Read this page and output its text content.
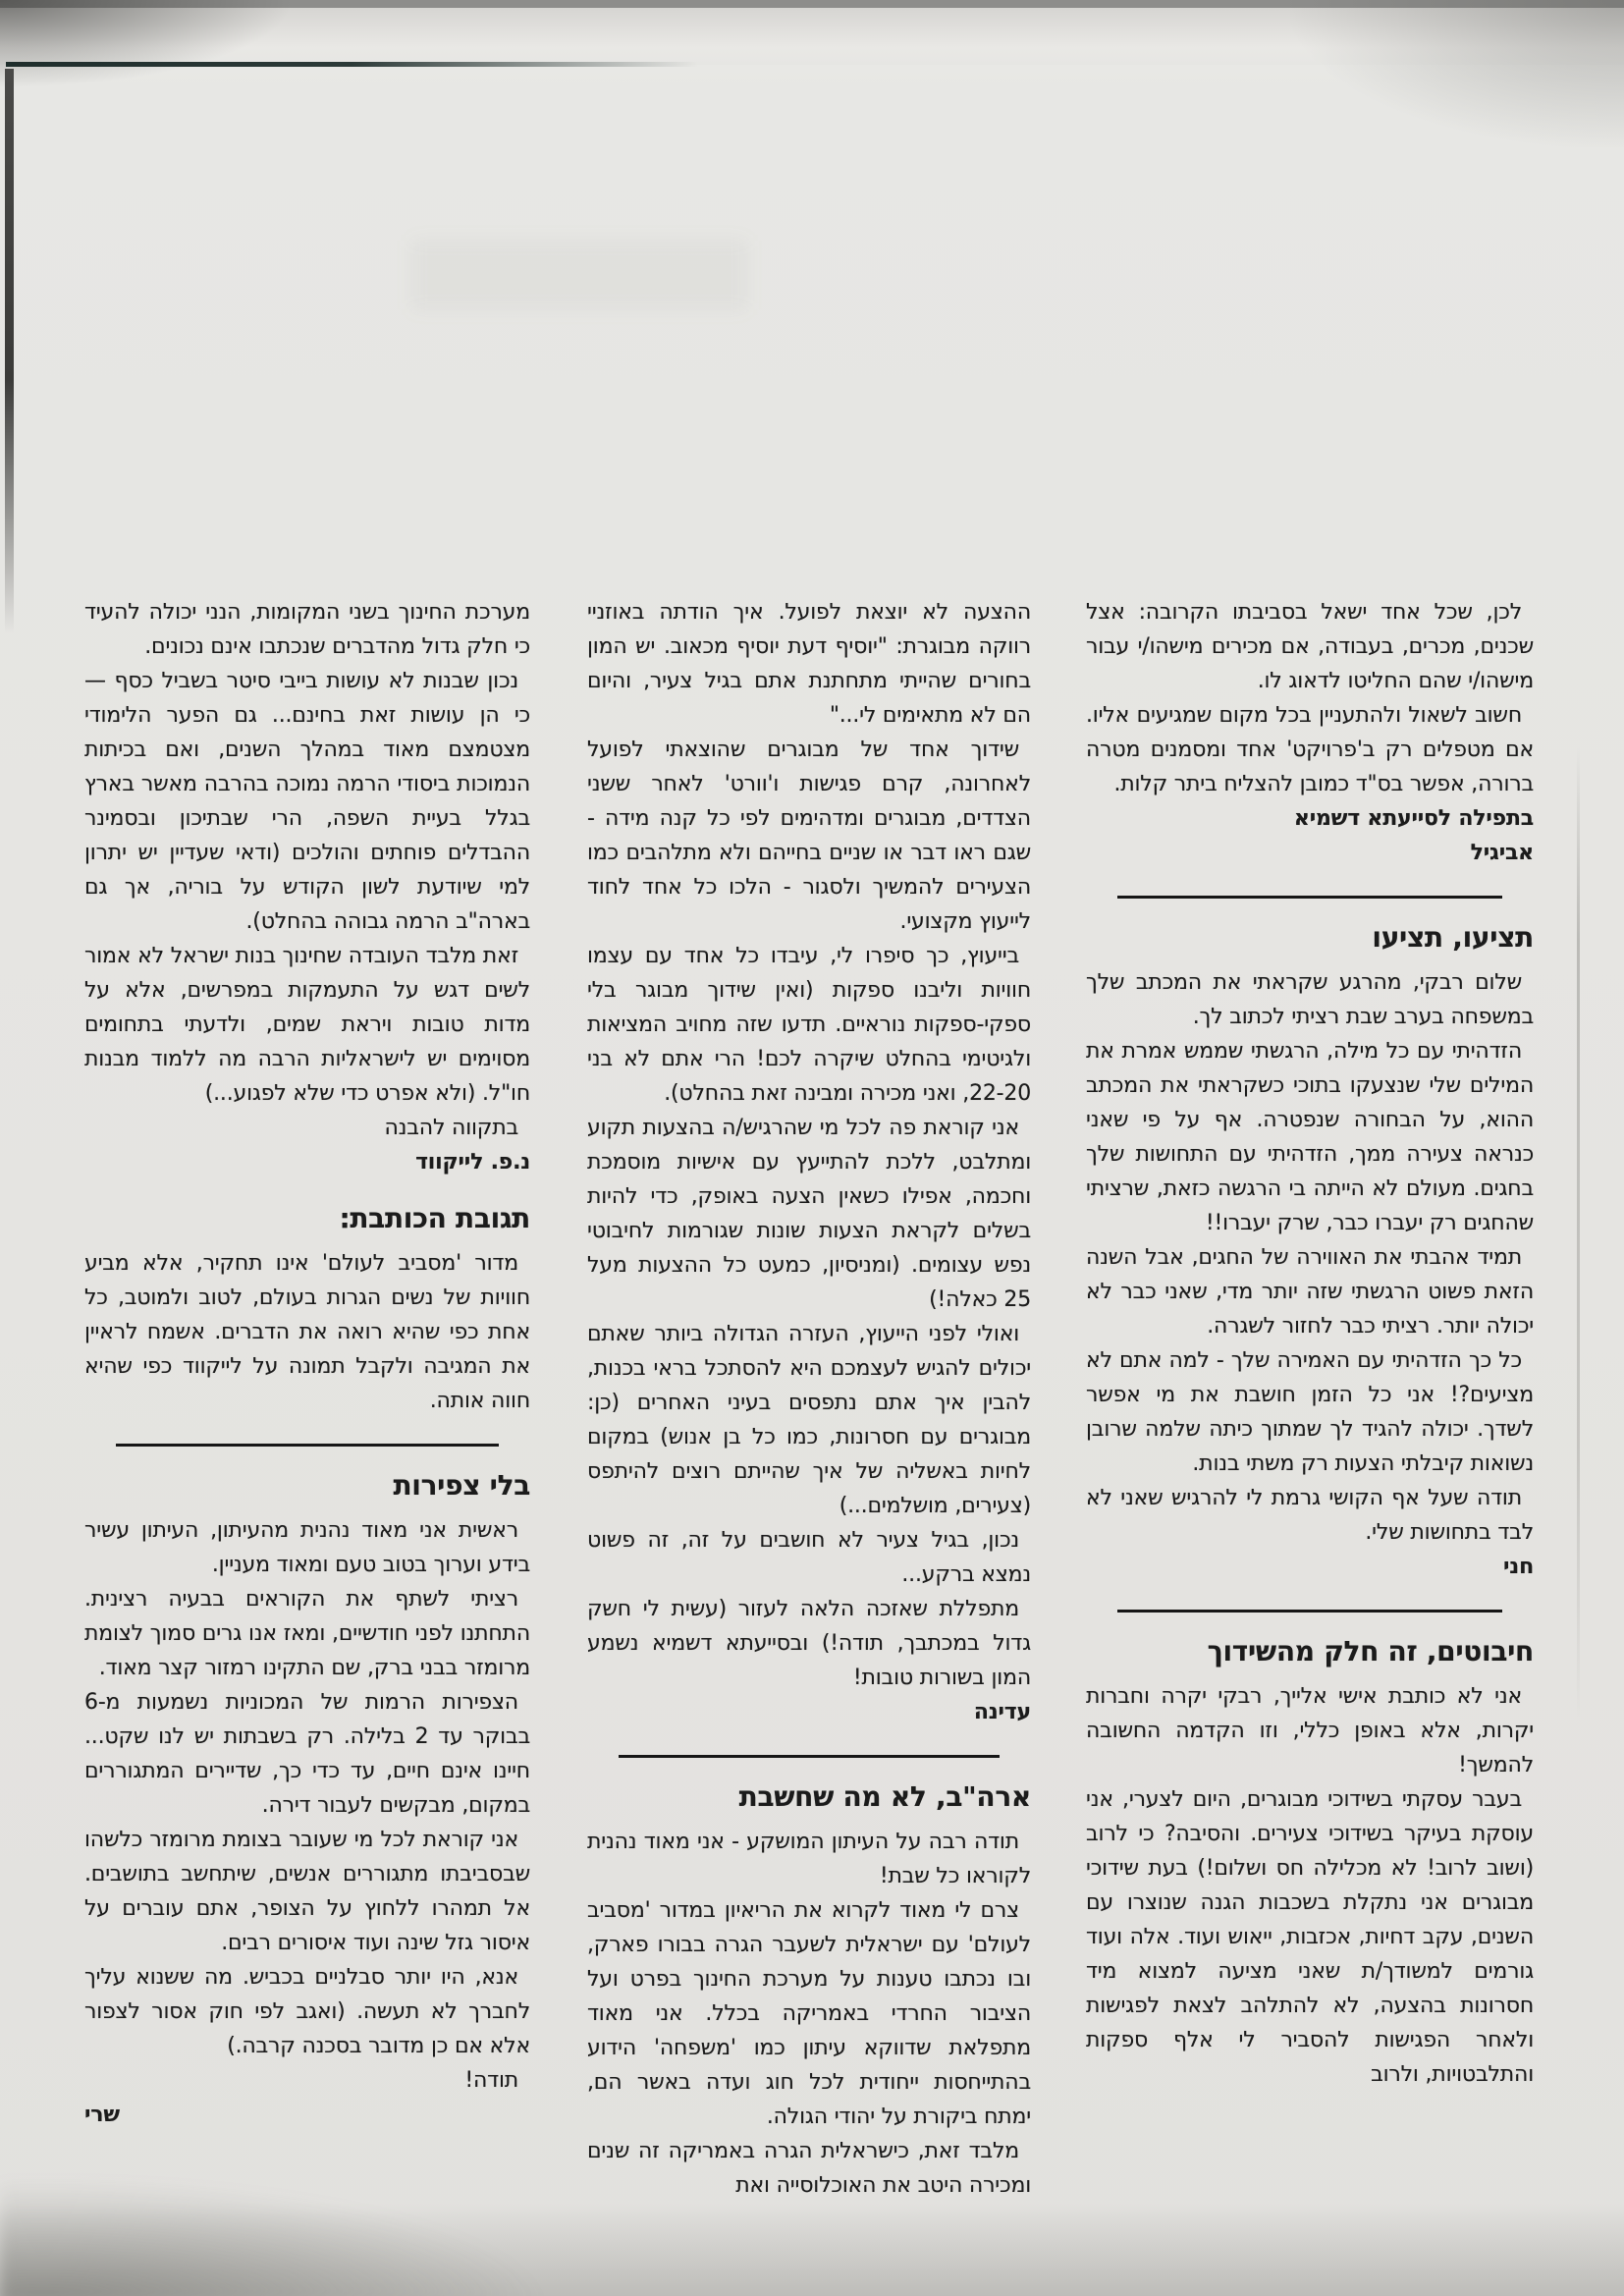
לכן, שכל אחד ישאל בסביבתו הקרובה: אצל שכנים, מכרים, בעבודה, אם מכירים מישהו/י עבור מישהו/י שהם החליטו לדאוג לו.

חשוב לשאול ולהתעניין בכל מקום שמגיעים אליו. אם מטפלים רק ב'פרויקט' אחד ומסמנים מטרה ברורה, אפשר בס"ד כמובן להצליח ביתר קלות.

בתפילה לסייעתא דשמיא

אביגיל

תציעו, תציעו

שלום רבקי, מהרגע שקראתי את המכתב שלך במשפחה בערב שבת רציתי לכתוב לך.

הזדהיתי עם כל מילה, הרגשתי שממש אמרת את המילים שלי שנצעקו בתוכי כשקראתי את המכתב ההוא, על הבחורה שנפטרה. אף על פי שאני כנראה צעירה ממך, הזדהיתי עם התחושות שלך בחגים. מעולם לא הייתה בי הרגשה כזאת, שרציתי שהחגים רק יעברו כבר, שרק יעברו!!

תמיד אהבתי את האווירה של החגים, אבל השנה הזאת פשוט הרגשתי שזה יותר מדי, שאני כבר לא יכולה יותר. רציתי כבר לחזור לשגרה.

כל כך הזדהיתי עם האמירה שלך - למה אתם לא מציעים?! אני כל הזמן חושבת את מי אפשר לשדך. יכולה להגיד לך שמתוך כיתה שלמה שרובן נשואות קיבלתי הצעות רק משתי בנות.

תודה שעל אף הקושי גרמת לי להרגיש שאני לא לבד בתחושות שלי.

חני

חיבוטים, זה חלק מהשידוך

אני לא כותבת אישי אלייך, רבקי יקרה וחברות יקרות, אלא באופן כללי, וזו הקדמה החשובה להמשך!

בעבר עסקתי בשידוכי מבוגרים, היום לצערי, אני עוסקת בעיקר בשידוכי צעירים. והסיבה? כי לרוב (ושוב לרוב! לא מכלילה חס ושלום!) בעת שידוכי מבוגרים אני נתקלת בשכבות הגנה שנוצרו עם השנים, עקב דחיות, אכזבות, ייאוש ועוד. אלה ועוד גורמים למשודך/ת שאני מציעה למצוא מיד חסרונות בהצעה, לא להתלהב לצאת לפגישות ולאחר הפגישות להסביר לי אלף ספקות והתלבטויות, ולרוב

ההצעה לא יוצאת לפועל. איך הודתה באוזניי רווקה מבוגרת: "יוסיף דעת יוסיף מכאוב. יש המון בחורים שהייתי מתחתנת אתם בגיל צעיר, והיום הם לא מתאימים לי..."

שידוך אחד של מבוגרים שהוצאתי לפועל לאחרונה, קרם פגישות ו'וורט' לאחר ששני הצדדים, מבוגרים ומדהימים לפי כל קנה מידה - שגם ראו דבר או שניים בחייהם ולא מתלהבים כמו הצעירים להמשיך ולסגור - הלכו כל אחד לחוד לייעוץ מקצועי.

בייעוץ, כך סיפרו לי, עיבדו כל אחד עם עצמו חוויות וליבנו ספקות (ואין שידוך מבוגר בלי ספקי-ספקות נוראיים. תדעו שזה מחויב המציאות ולגיטימי בהחלט שיקרה לכם! הרי אתם לא בני 22-20, ואני מכירה ומבינה זאת בהחלט).

אני קוראת פה לכל מי שהרגיש/ה בהצעות תקוע ומתלבט, ללכת להתייעץ עם אישיות מוסמכת וחכמה, אפילו כשאין הצעה באופק, כדי להיות בשלים לקראת הצעות שונות שגורמות לחיבוטי נפש עצומים. (ומניסיון, כמעט כל ההצעות מעל 25 כאלה!)

ואולי לפני הייעוץ, העזרה הגדולה ביותר שאתם יכולים להגיש לעצמכם היא להסתכל בראי בכנות, להבין איך אתם נתפסים בעיני האחרים (כן: מבוגרים עם חסרונות, כמו כל בן אנוש) במקום לחיות באשליה של איך שהייתם רוצים להיתפס (צעירים, מושלמים...)

נכון, בגיל צעיר לא חושבים על זה, זה פשוט נמצא ברקע...

מתפללת שאזכה הלאה לעזור (עשית לי חשק גדול במכתבך, תודה!) ובסייעתא דשמיא נשמע המון בשורות טובות!

עדינה

ארה"ב, לא מה שחשבת

תודה רבה על העיתון המושקע - אני מאוד נהנית לקוראו כל שבת!

צרם לי מאוד לקרוא את הריאיון במדור 'מסביב לעולם' עם ישראלית לשעבר הגרה בבורו פארק, ובו נכתבו טענות על מערכת החינוך בפרט ועל הציבור החרדי באמריקה בכלל. אני מאוד מתפלאת שדווקא עיתון כמו 'משפחה' הידוע בהתייחסות ייחודית לכל חוג ועדה באשר הם, ימתח ביקורת על יהודי הגולה.

מלבד זאת, כישראלית הגרה באמריקה זה שנים ומכירה היטב את האוכלוסייה ואת

מערכת החינוך בשני המקומות, הנני יכולה להעיד כי חלק גדול מהדברים שנכתבו אינם נכונים.

נכון שבנות לא עושות בייבי סיטר בשביל כסף — כי הן עושות זאת בחינם... גם הפער הלימודי מצטמצם מאוד במהלך השנים, ואם בכיתות הנמוכות ביסודי הרמה נמוכה בהרבה מאשר בארץ בגלל בעיית השפה, הרי שבתיכון ובסמינר ההבדלים פוחתים והולכים (ודאי שעדיין יש יתרון למי שיודעת לשון הקודש על בוריה, אך גם בארה"ב הרמה גבוהה בהחלט).

זאת מלבד העובדה שחינוך בנות ישראל לא אמור לשים דגש על התעמקות במפרשים, אלא על מדות טובות ויראת שמים, ולדעתי בתחומים מסוימים יש לישראליות הרבה מה ללמוד מבנות חו"ל. (ולא אפרט כדי שלא לפגוע...)

בתקווה להבנה

נ.פ. לייקווד

תגובת הכותבת:

מדור 'מסביב לעולם' אינו תחקיר, אלא מביע חוויות של נשים הגרות בעולם, לטוב ולמוטב, כל אחת כפי שהיא רואה את הדברים. אשמח לראיין את המגיבה ולקבל תמונה על לייקווד כפי שהיא חווה אותה.

בלי צפירות

ראשית אני מאוד נהנית מהעיתון, העיתון עשיר בידע וערוך בטוב טעם ומאוד מעניין.

רציתי לשתף את הקוראים בבעיה רצינית. התחתנו לפני חודשיים, ומאז אנו גרים סמוך לצומת מרומזר בבני ברק, שם התקינו רמזור קצר מאוד.

הצפירות הרמות של המכוניות נשמעות מ-6 בבוקר עד 2 בלילה. רק בשבתות יש לנו שקט... חיינו אינם חיים, עד כדי כך, שדיירים המתגוררים במקום, מבקשים לעבור דירה.

אני קוראת לכל מי שעובר בצומת מרומזר כלשהו שבסביבתו מתגוררים אנשים, שיתחשב בתושבים. אל תמהרו ללחוץ על הצופר, אתם עוברים על איסור גזל שינה ועוד איסורים רבים.

אנא, היו יותר סבלניים בכביש. מה ששנוא עליך לחברך לא תעשה. (ואגב לפי חוק אסור לצפור אלא אם כן מדובר בסכנה קרבה.)

תודה!

שרי
